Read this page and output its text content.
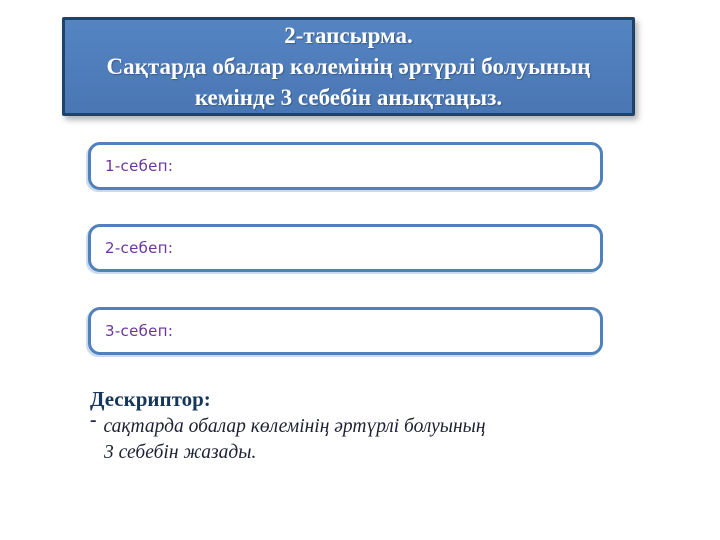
2-тапсырма.
Сақтарда обалар көлемінің әртүрлі болуының
кемінде 3 себебін анықтаңыз.
1-себеп:
2-себеп:
3-себеп:
Дескриптор:
- сақтарда обалар көлемінің әртүрлі болуының
3 себебін жазады.
